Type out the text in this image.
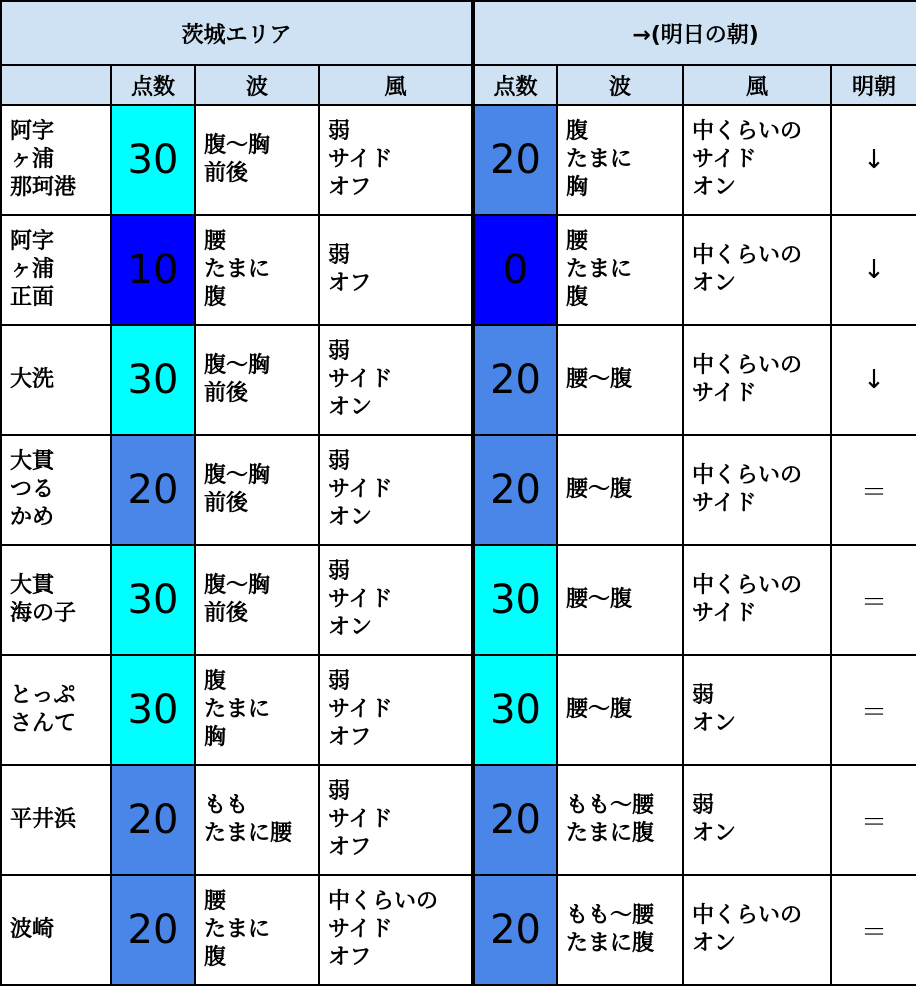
茨城エリア				→(明日の朝)			
	点数	波	風	点数	波	風	明朝

阿字
ヶ浦
那珂港	30	腹～胸
前後	弱
サイド
オフ	20	腹
たまに
胸	中くらいの
サイド
オン	↓

阿字
ヶ浦
正面	10	腰
たまに
腹	弱
オフ	0	腰
たまに
腹	中くらいの
オン	↓

大洗	30	腹～胸
前後	弱
サイド
オン	20	腰～腹	中くらいの
サイド	↓

大貫
つる
かめ	20	腹～胸
前後	弱
サイド
オン	20	腰～腹	中くらいの
サイド	＝

大貫
海の子	30	腹～胸
前後	弱
サイド
オン	30	腰～腹	中くらいの
サイド	＝

とっぷ
さんて	30	腹
たまに
胸	弱
サイド
オフ	30	腰～腹	弱
オン	＝

平井浜	20	もも
たまに腰	弱
サイド
オフ	20	もも～腰
たまに腹	弱
オン	＝

波崎	20	腰
たまに
腹	中くらいの
サイド
オフ	20	もも～腰
たまに腹	中くらいの
オン	＝
